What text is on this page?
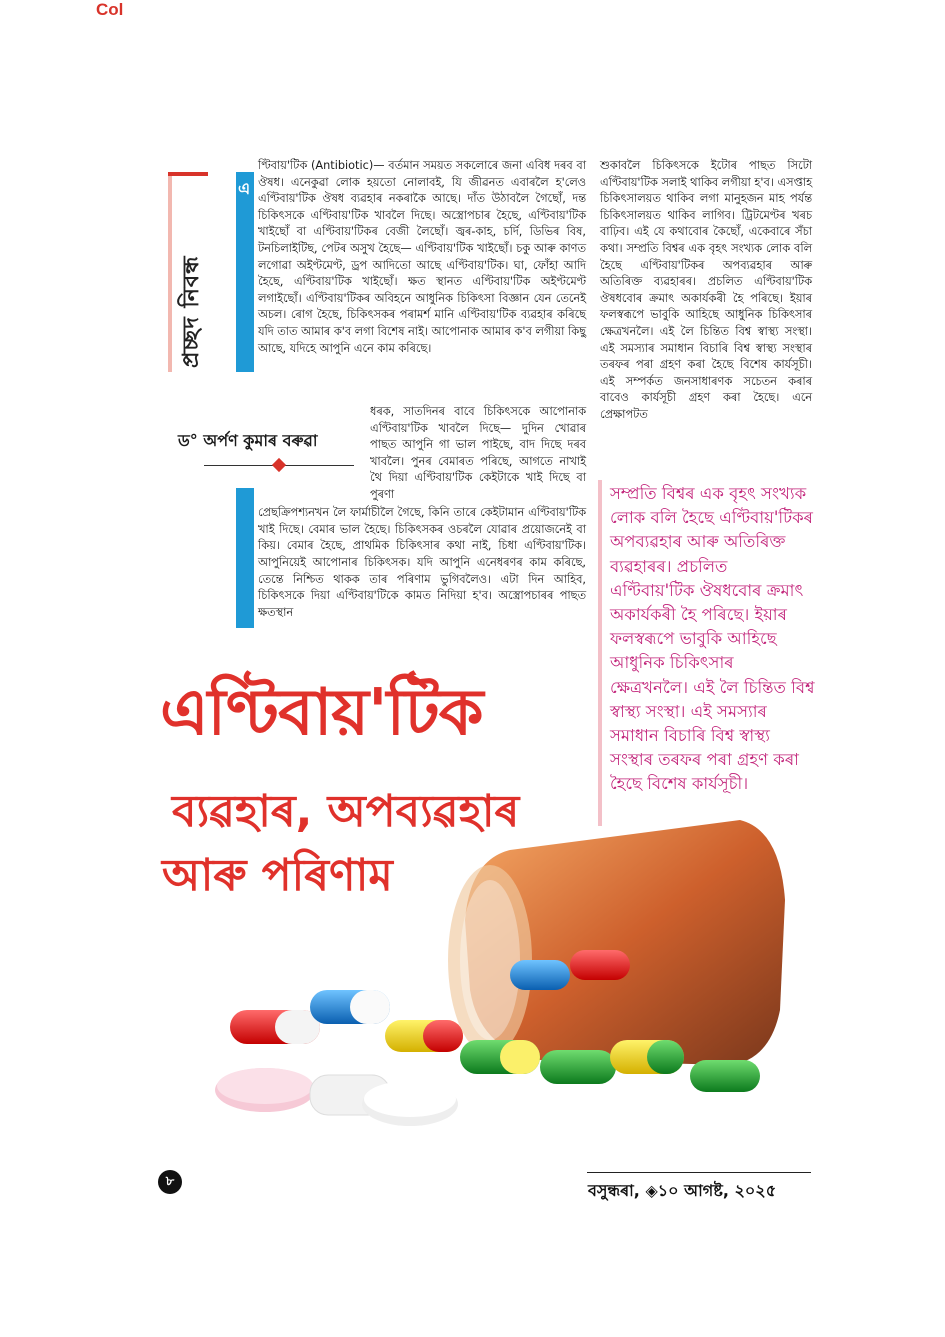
Col
প্ৰচ্ছদ নিবন্ধ
এ

ণ্টিবায়'টিক (Antibiotic)— বৰ্তমান সময়ত সকলোৰে জনা এবিধ দৰব বা ঔষধ। এনেকুৱা লোক হয়তো নোলাবই, যি জীৱনত এবাৰলৈ হ'লেও এণ্টিবায়'টিক ঔষধ ব্যৱহাৰ নকৰাকৈ আছে। দাঁত উঠাবলৈ গৈছোঁ, দন্ত চিকিৎসকে এণ্টিবায়'টিক খাবলৈ দিছে। অস্ত্ৰোপচাৰ হৈছে, এণ্টিবায়'টিক খাইছোঁ বা এণ্টিবায়'টিকৰ বেজী লৈছোঁ। জ্বৰ-কাহ, চৰ্দি, ডিভিৰ বিষ, টনচিলাইটিছ, পেটৰ অসুখ হৈছে— এণ্টিবায়'টিক খাইছোঁ। চকু আৰু কাণত লগোৱা অইণ্টমেণ্ট, ড্ৰপ আদিতো আছে এণ্টিবায়'টিক। ঘা, ফোঁহা আদি হৈছে, এণ্টিবায়'টিক খাইছোঁ। ক্ষত স্থানত এণ্টিবায়'টিক অইণ্টমেণ্ট লগাইছোঁ। এণ্টিবায়'টিকৰ অবিহনে আধুনিক চিকিৎসা বিজ্ঞান যেন তেনেই অচল। ৰোগ হৈছে, চিকিৎসকৰ পৰামৰ্শ মানি এণ্টিবায়'টিক ব্যৱহাৰ কৰিছে যদি তাত আমাৰ ক'ব লগা বিশেষ নাই। আপোনাক আমাৰ ক'ব লগীয়া কিছু আছে, যদিহে আপুনি এনে কাম কৰিছে।

ধৰক, সাতদিনৰ বাবে চিকিৎসকে আপোনাক এণ্টিবায়'টিক খাবলৈ দিছে— দুদিন খোৱাৰ পাছত আপুনি গা ভাল পাইছে, বাদ দিছে দৰব খাবলৈ। পুনৰ বেমাৰত পৰিছে, আগতে নাখাই থৈ দিয়া এণ্টিবায়'টিক কেইটাকে খাই দিছে বা পুৰণা

ড° অৰ্পণ কুমাৰ বৰুৱা

প্ৰেছক্ৰিপশ্যনখন লৈ ফাৰ্মাচীলৈ গৈছে, কিনি তাৰে কেইটামান এণ্টিবায়'টিক খাই দিছে। বেমাৰ ভাল হৈছে। চিকিৎসকৰ ওচৰলৈ যোৱাৰ প্ৰয়োজনেই বা কিয়। বেমাৰ হৈছে, প্ৰাথমিক চিকিৎসাৰ কথা নাই, চিধা এণ্টিবায়'টিক। আপুনিয়েই আপোনাৰ চিকিৎসক। যদি আপুনি এনেধৰণৰ কাম কৰিছে, তেন্তে নিশ্চিত থাকক তাৰ পৰিণাম ভুগিবলৈও। এটা দিন আহিব, চিকিৎসকে দিয়া এণ্টিবায়'টিকে কামত নিদিয়া হ'ব। অস্ত্ৰোপচাৰৰ পাছত ক্ষতস্থান

শুকাবলৈ চিকিৎসকে ইটোৰ পাছত সিটো এণ্টিবায়'টিক সলাই থাকিব লগীয়া হ'ব। এসপ্তাহ চিকিৎসালয়ত থাকিব লগা মানুহজন মাহ পৰ্যন্ত চিকিৎসালয়ত থাকিব লাগিব। ট্ৰিটমেণ্টৰ খৰচ বাঢ়িব। এই যে কথাবোৰ কৈছোঁ, একেবাৰে সঁচা কথা। সম্প্ৰতি বিশ্বৰ এক বৃহৎ সংখ্যক লোক বলি হৈছে এণ্টিবায়'টিকৰ অপব্যৱহাৰ আৰু অতিৰিক্ত ব্যৱহাৰৰ। প্ৰচলিত এণ্টিবায়'টিক ঔষধবোৰ ক্ৰমাৎ অকাৰ্যকৰী হৈ পৰিছে। ইয়াৰ ফলস্বৰূপে ভাবুকি আহিছে আধুনিক চিকিৎসাৰ ক্ষেত্ৰখনলৈ। এই লৈ চিন্তিত বিশ্ব স্বাস্থ্য সংস্থা। এই সমস্যাৰ সমাধান বিচাৰি বিশ্ব স্বাস্থ্য সংস্থাৰ তৰফৰ পৰা গ্ৰহণ কৰা হৈছে বিশেষ কাৰ্যসূচী। এই সম্পৰ্কত জনসাধাৰণক সচেতন কৰাৰ বাবেও কাৰ্যসূচী গ্ৰহণ কৰা হৈছে। এনে প্ৰেক্ষাপটত

সম্প্ৰতি বিশ্বৰ এক বৃহৎ সংখ্যক লোক বলি হৈছে এণ্টিবায়'টিকৰ অপব্যৱহাৰ আৰু অতিৰিক্ত ব্যৱহাৰৰ। প্ৰচলিত এণ্টিবায়'টিক ঔষধবোৰ ক্ৰমাৎ অকাৰ্যকৰী হৈ পৰিছে। ইয়াৰ ফলস্বৰূপে ভাবুকি আহিছে আধুনিক চিকিৎসাৰ ক্ষেত্ৰখনলৈ। এই লৈ চিন্তিত বিশ্ব স্বাস্থ্য সংস্থা। এই সমস্যাৰ সমাধান বিচাৰি বিশ্ব স্বাস্থ্য সংস্থাৰ তৰফৰ পৰা গ্ৰহণ কৰা হৈছে বিশেষ কাৰ্যসূচী।
এণ্টিবায়'টিক
ব্যৱহাৰ, অপব্যৱহাৰ
আৰু পৰিণাম
৮	বসুন্ধৰা, ◈১০ আগষ্ট, ২০২৫
